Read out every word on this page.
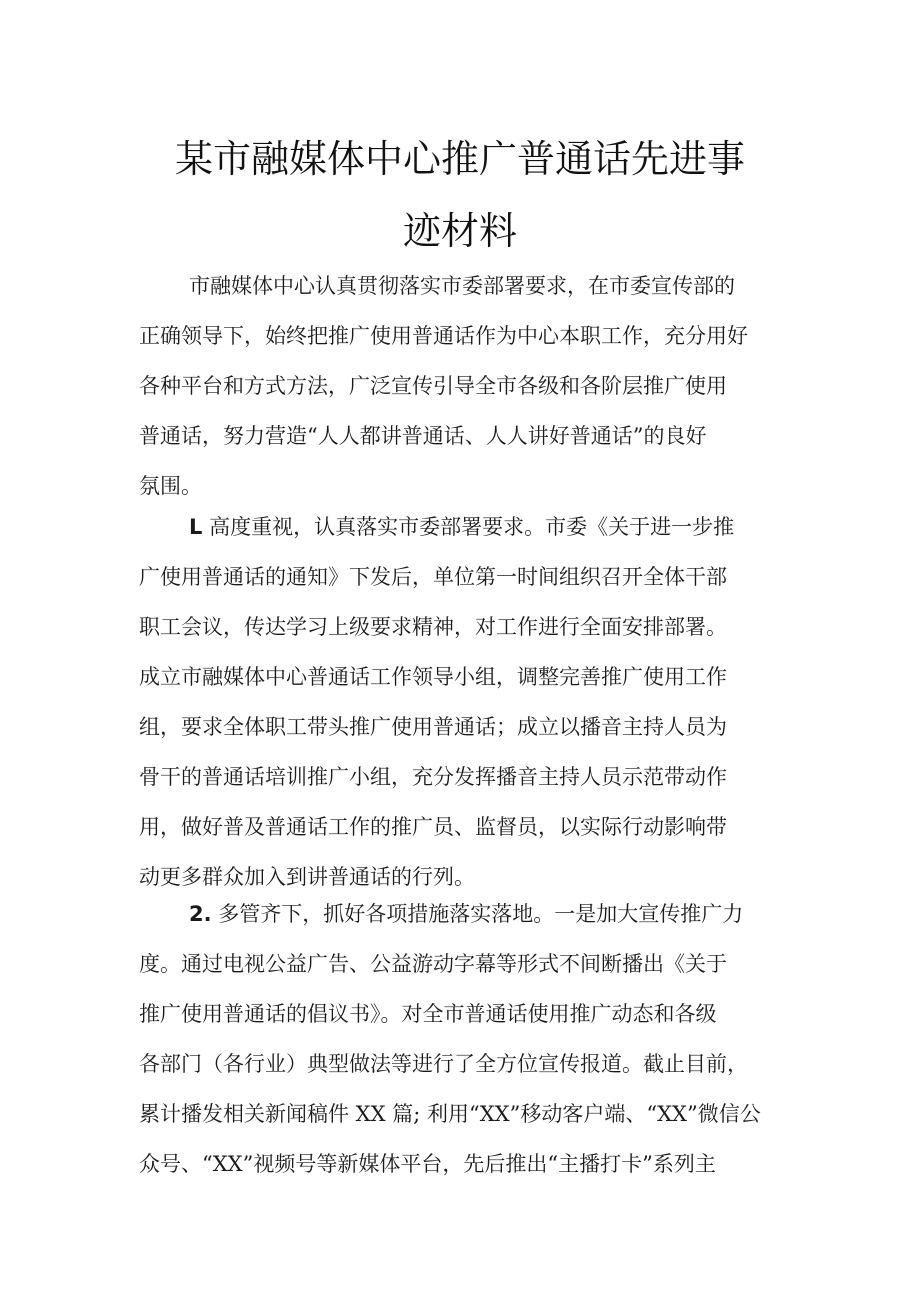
某市融媒体中心推广普通话先进事
迹材料
市融媒体中心认真贯彻落实市委部署要求，在市委宣传部的
正确领导下，始终把推广使用普通话作为中心本职工作，充分用好
各种平台和方式方法，广泛宣传引导全市各级和各阶层推广使用
普通话，努力营造“人人都讲普通话、人人讲好普通话”的良好
氛围。
L 高度重视，认真落实市委部署要求。市委《关于进一步推
广使用普通话的通知》下发后，单位第一时间组织召开全体干部
职工会议，传达学习上级要求精神，对工作进行全面安排部署。
成立市融媒体中心普通话工作领导小组，调整完善推广使用工作
组，要求全体职工带头推广使用普通话；成立以播音主持人员为
骨干的普通话培训推广小组，充分发挥播音主持人员示范带动作
用，做好普及普通话工作的推广员、监督员，以实际行动影响带
动更多群众加入到讲普通话的行列。
2. 多管齐下，抓好各项措施落实落地。一是加大宣传推广力
度。通过电视公益广告、公益游动字幕等形式不间断播出《关于
推广使用普通话的倡议书》。对全市普通话使用推广动态和各级
各部门（各行业）典型做法等进行了全方位宣传报道。截止目前，
累计播发相关新闻稿件 XX 篇; 利用“XX”移动客户端、“XX”微信公
众号、“XX”视频号等新媒体平台，先后推出“主播打卡”系列主
